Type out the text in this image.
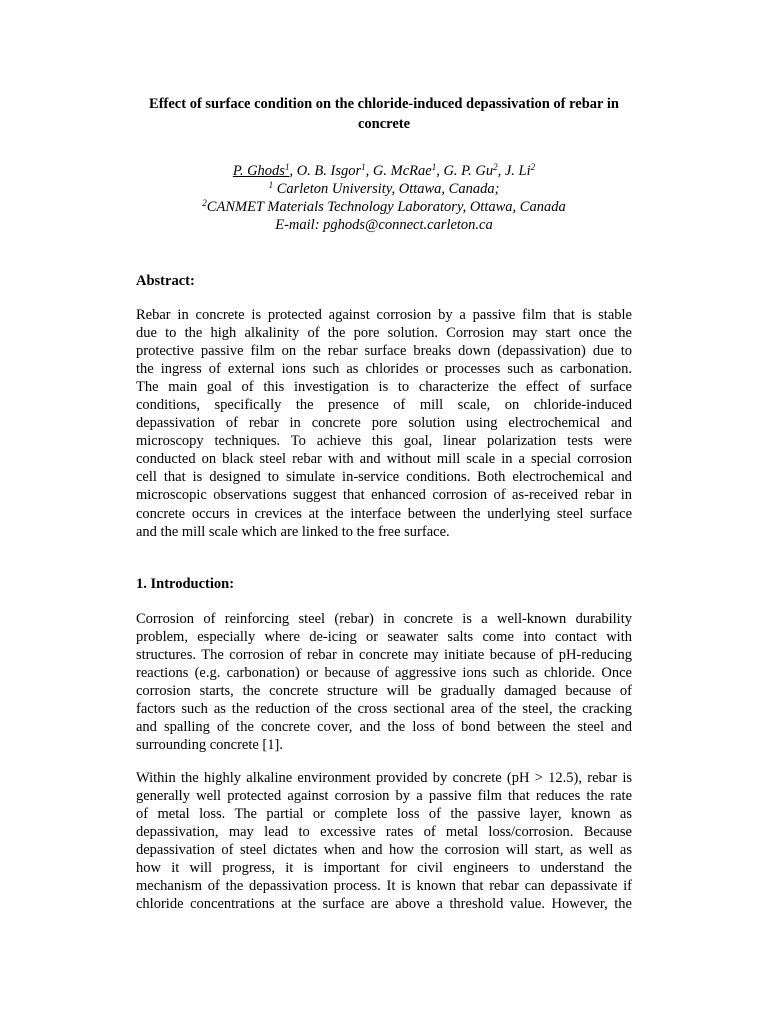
Effect of surface condition on the chloride-induced depassivation of rebar in
concrete
P. Ghods$^1$, O. B. Isgor$^1$, G. McRae$^1$, G. P. Gu$^2$, J. Li$^2$
$^1$ Carleton University, Ottawa, Canada;
$^2$CANMET Materials Technology Laboratory, Ottawa, Canada
E-mail: pghods@connect.carleton.ca
Abstract:
Rebar in concrete is protected against corrosion by a passive film that is stable
due to the high alkalinity of the pore solution. Corrosion may start once the
protective passive film on the rebar surface breaks down (depassivation) due to
the ingress of external ions such as chlorides or processes such as carbonation.
The main goal of this investigation is to characterize the effect of surface
conditions, specifically the presence of mill scale, on chloride-induced
depassivation of rebar in concrete pore solution using electrochemical and
microscopy techniques. To achieve this goal, linear polarization tests were
conducted on black steel rebar with and without mill scale in a special corrosion
cell that is designed to simulate in-service conditions. Both electrochemical and
microscopic observations suggest that enhanced corrosion of as-received rebar in
concrete occurs in crevices at the interface between the underlying steel surface
and the mill scale which are linked to the free surface.
1. Introduction:
Corrosion of reinforcing steel (rebar) in concrete is a well-known durability
problem, especially where de-icing or seawater salts come into contact with
structures. The corrosion of rebar in concrete may initiate because of pH-reducing
reactions (e.g. carbonation) or because of aggressive ions such as chloride. Once
corrosion starts, the concrete structure will be gradually damaged because of
factors such as the reduction of the cross sectional area of the steel, the cracking
and spalling of the concrete cover, and the loss of bond between the steel and
surrounding concrete [1].
Within the highly alkaline environment provided by concrete (pH > 12.5), rebar is
generally well protected against corrosion by a passive film that reduces the rate
of metal loss. The partial or complete loss of the passive layer, known as
depassivation, may lead to excessive rates of metal loss/corrosion. Because
depassivation of steel dictates when and how the corrosion will start, as well as
how it will progress, it is important for civil engineers to understand the
mechanism of the depassivation process. It is known that rebar can depassivate if
chloride concentrations at the surface are above a threshold value. However, the
